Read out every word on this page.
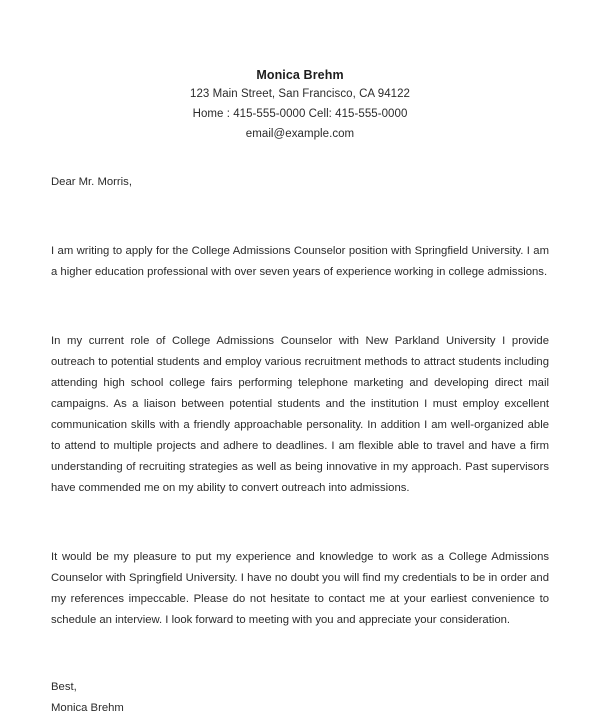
Monica Brehm
123 Main Street, San Francisco, CA 94122
Home : 415-555-0000 Cell: 415-555-0000
email@example.com
Dear Mr. Morris,

I am writing to apply for the College Admissions Counselor position with Springfield University. I am a higher education professional with over seven years of experience working in college admissions.

In my current role of College Admissions Counselor with New Parkland University I provide outreach to potential students and employ various recruitment methods to attract students including attending high school college fairs performing telephone marketing and developing direct mail campaigns. As a liaison between potential students and the institution I must employ excellent communication skills with a friendly approachable personality. In addition I am well-organized able to attend to multiple projects and adhere to deadlines. I am flexible able to travel and have a firm understanding of recruiting strategies as well as being innovative in my approach. Past supervisors have commended me on my ability to convert outreach into admissions.

It would be my pleasure to put my experience and knowledge to work as a College Admissions Counselor with Springfield University. I have no doubt you will find my credentials to be in order and my references impeccable. Please do not hesitate to contact me at your earliest convenience to schedule an interview. I look forward to meeting with you and appreciate your consideration.

Best,
Monica Brehm
